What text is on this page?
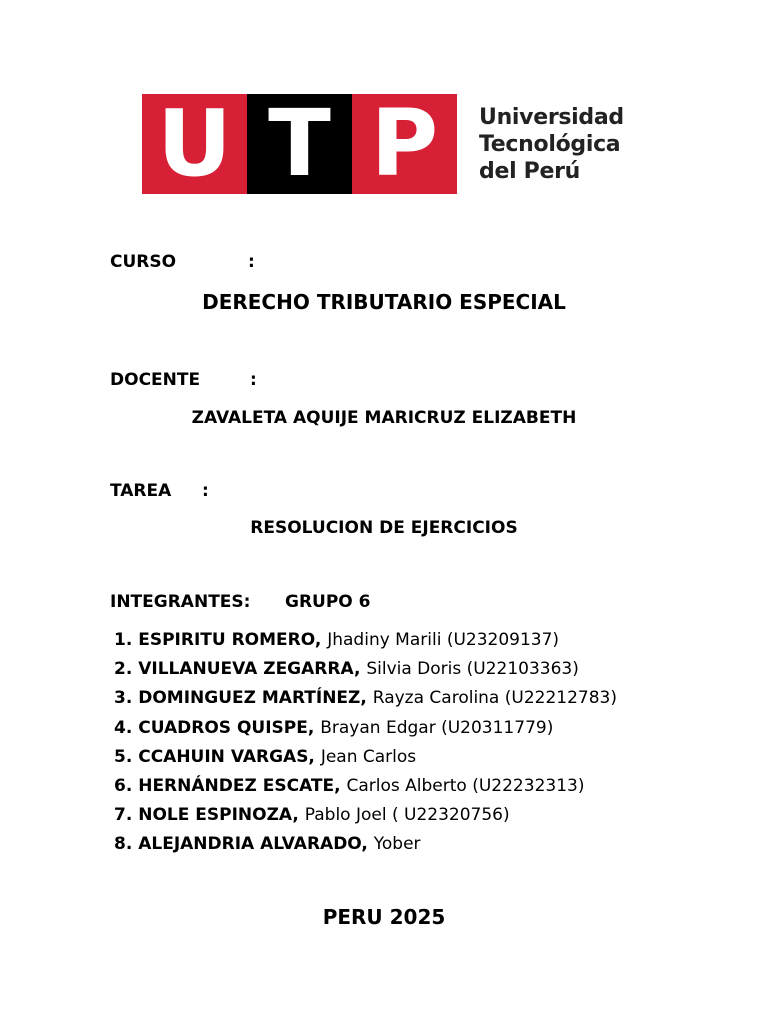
U T P	Universidad
Tecnológica
del Perú
CURSO	:
DERECHO TRIBUTARIO ESPECIAL
DOCENTE	:
ZAVALETA AQUIJE MARICRUZ ELIZABETH
TAREA :
RESOLUCION DE EJERCICIOS
INTEGRANTES: GRUPO 6
1. ESPIRITU ROMERO, Jhadiny Marili (U23209137)
2. VILLANUEVA ZEGARRA, Silvia Doris (U22103363)
3. DOMINGUEZ MARTÍNEZ, Rayza Carolina (U22212783)
4. CUADROS QUISPE, Brayan Edgar (U20311779)
5. CCAHUIN VARGAS, Jean Carlos
6. HERNÁNDEZ ESCATE, Carlos Alberto (U22232313)
7. NOLE ESPINOZA, Pablo Joel ( U22320756)
8. ALEJANDRIA ALVARADO, Yober
PERU 2025
